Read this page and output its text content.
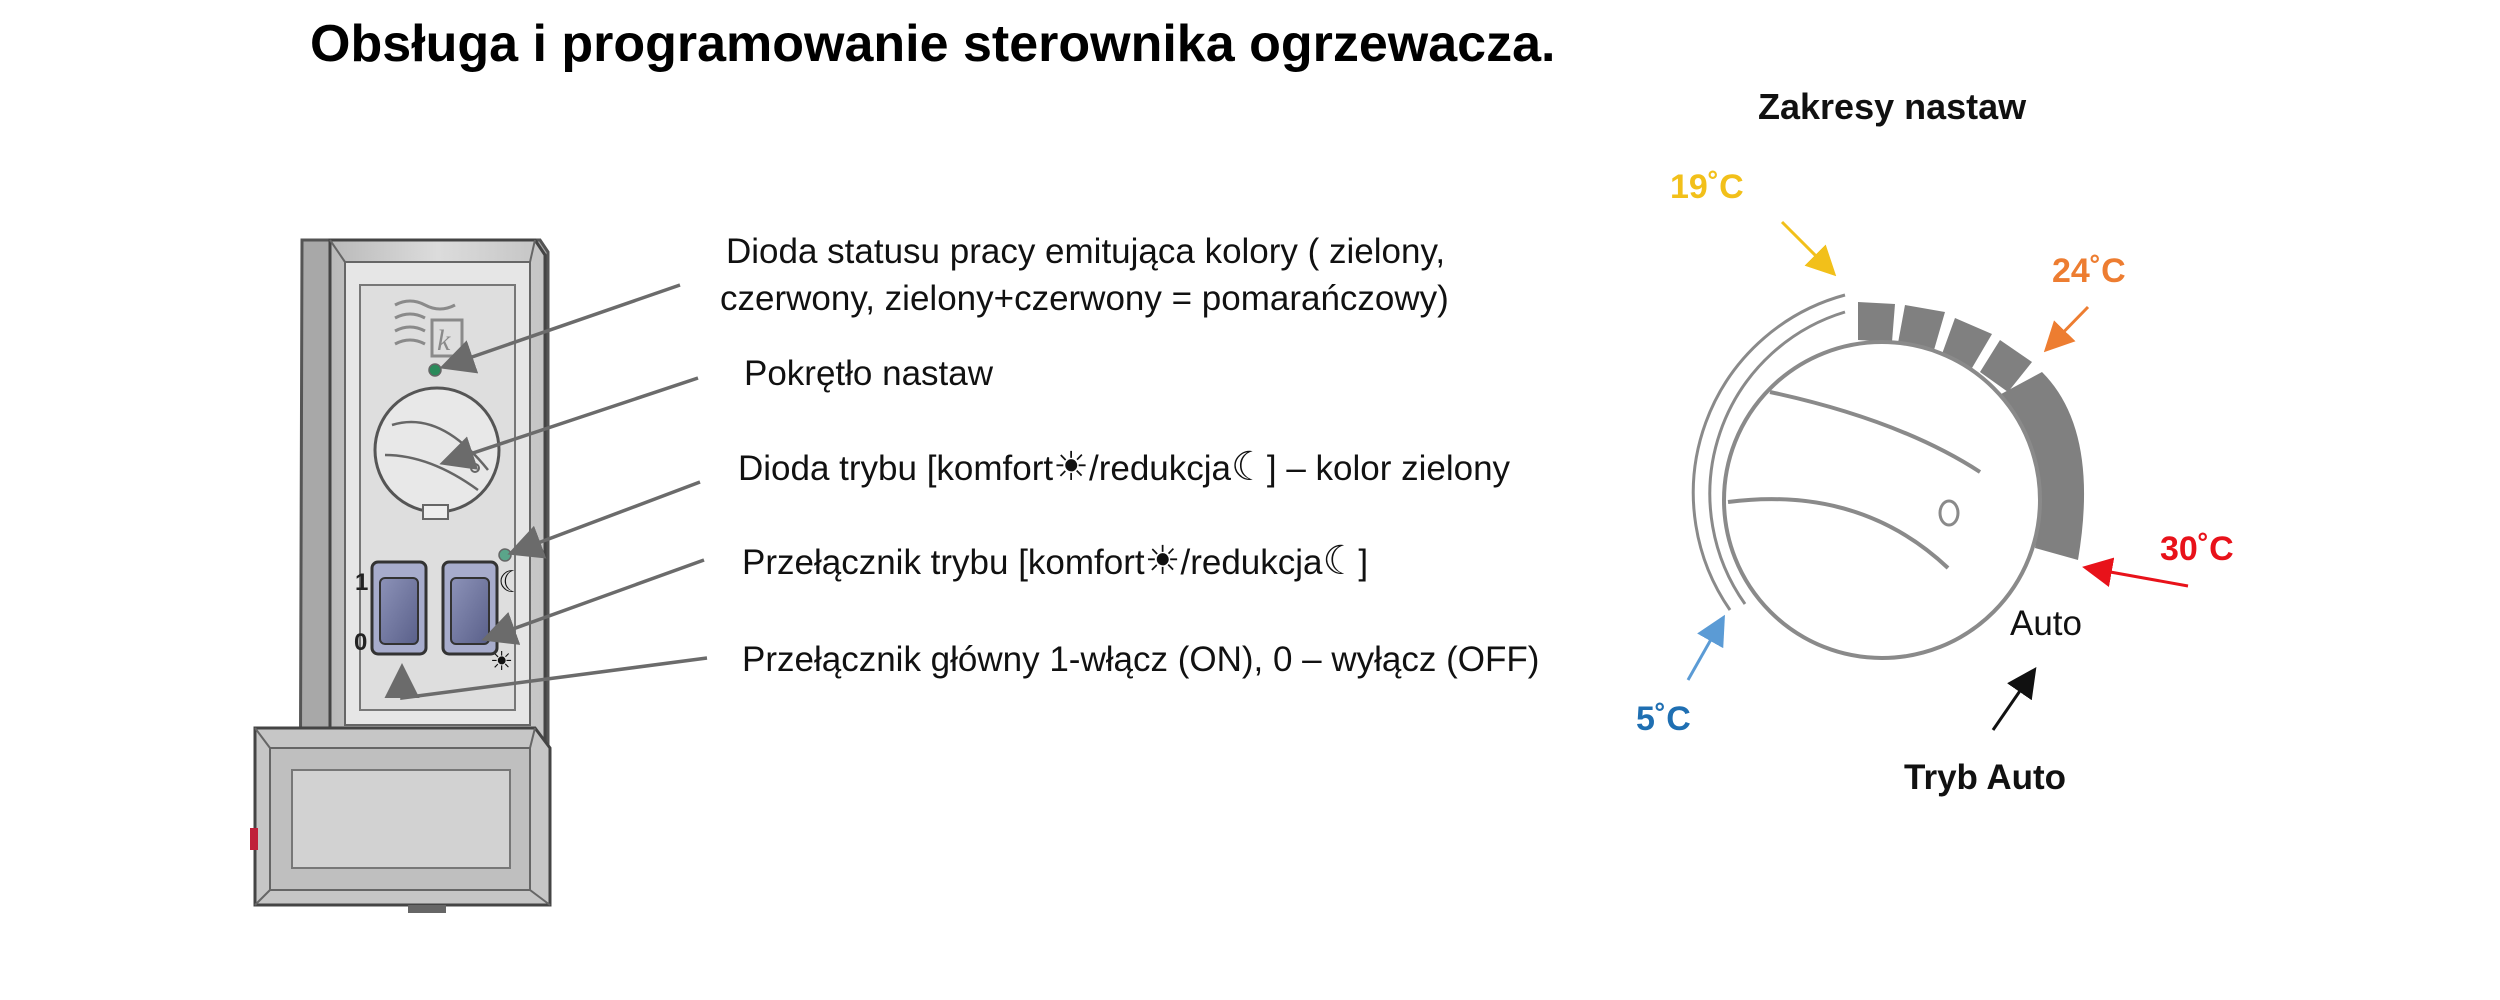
Obsługa i programowanie sterownika ogrzewacza.
k
1
0
☾
☀
Dioda statusu pracy emitująca kolory ( zielony,
czerwony, zielony+czerwony = pomarańczowy)
Pokrętło nastaw
Dioda trybu [komfort☀/redukcja☾] – kolor zielony
Przełącznik trybu [komfort☀/redukcja☾]
Przełącznik główny 1-włącz (ON), 0 – wyłącz (OFF)
Zakresy nastaw
19˚C
24˚C
30˚C
5˚C
Auto
Tryb Auto
